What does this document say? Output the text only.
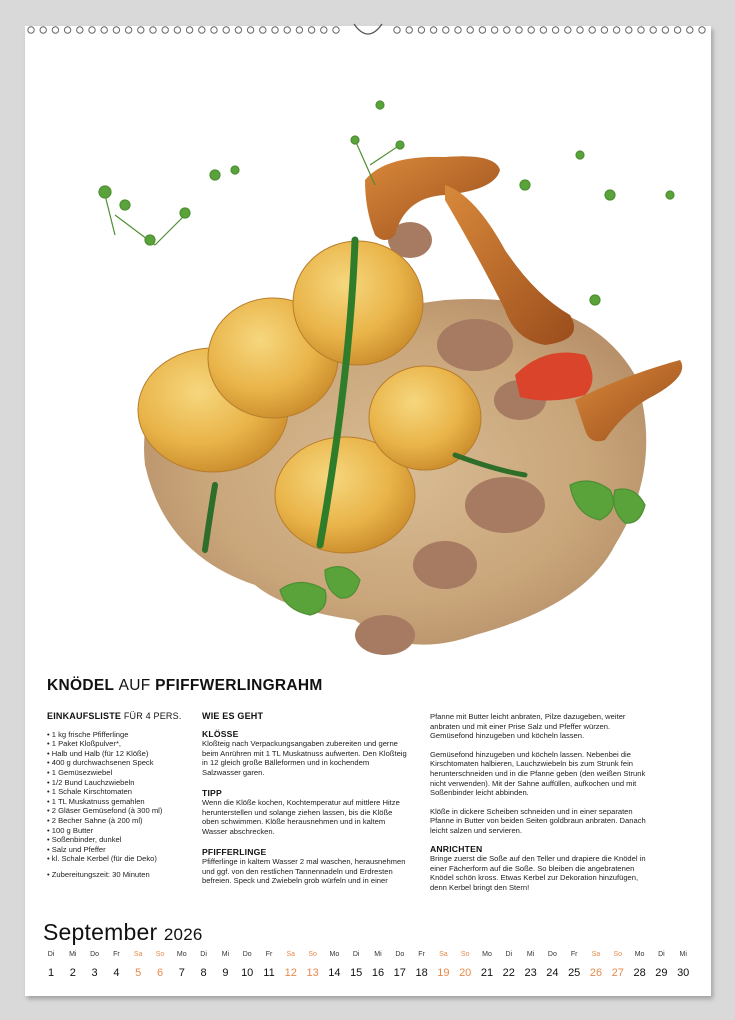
KNÖDEL AUF PFIFFWERLINGRAHM
EINKAUFSLISTE FÜR 4 PERS.
• 1 kg frische Pfifferlinge
• 1 Paket Kloßpulver*,
• Halb und Halb (für 12 Klöße)
• 400 g durchwachsenen Speck
• 1 Gemüsezwiebel
• 1/2 Bund Lauchzwiebeln
• 1 Schale Kirschtomaten
• 1 TL Muskatnuss gemahlen
• 2 Gläser Gemüsefond (à 300 ml)
• 2 Becher Sahne (à 200 ml)
• 100 g Butter
• Soßenbinder, dunkel
• Salz und Pfeffer
• kl. Schale Kerbel (für die Deko)
• Zubereitungszeit: 30 Minuten
WIE ES GEHT
KLÖSSE

Kloßteig nach Verpackungsangaben zubereiten und gerne beim Anrühren mit 1 TL Muskatnuss aufwerten. Den Kloßteig in 12 gleich große Bälleformen und in kochendem Salzwasser garen.

TIPP

Wenn die Klöße kochen, Kochtemperatur auf mittlere Hitze herunterstellen und solange ziehen lassen, bis die Klöße oben schwimmen. Klöße herausnehmen und in kaltem Wasser abschrecken.

PFIFFERLINGE

Pfifferlinge in kaltem Wasser 2 mal waschen, herausnehmen und ggf. von den restlichen Tannennadeln und Erdresten befreien. Speck und Zwiebeln grob würfeln und in einer

Pfanne mit Butter leicht anbraten, Pilze dazugeben, weiter anbraten und mit einer Prise Salz und Pfeffer würzen. Gemüsefond hinzugeben und köcheln lassen.

Gemüsefond hinzugeben und köcheln lassen. Nebenbei die Kirschtomaten halbieren, Lauchzwiebeln bis zum Strunk fein herunterschneiden und in die Pfanne geben (den weißen Strunk nicht verwenden). Mit der Sahne auffüllen, aufkochen und mit Soßenbinder leicht abbinden.

Klöße in dickere Scheiben schneiden und in einer separaten Pfanne in Butter von beiden Seiten goldbraun anbraten. Danach leicht salzen und servieren.

ANRICHTEN

Bringe zuerst die Soße auf den Teller und drapiere die Knödel in einer Fächerform auf die Soße. So bleiben die angebratenen Knödel schön kross. Etwas Kerbel zur Dekoration hinzufügen, denn Kerbel bringt den Stern!

September 2026
Di
1
Mi
2
Do
3
Fr
4
Sa
5
So
6
Mo
7
Di
8
Mi
9
Do
10
Fr
11
Sa
12
So
13
Mo
14
Di
15
Mi
16
Do
17
Fr
18
Sa
19
So
20
Mo
21
Di
22
Mi
23
Do
24
Fr
25
Sa
26
So
27
Mo
28
Di
29
Mi
30
